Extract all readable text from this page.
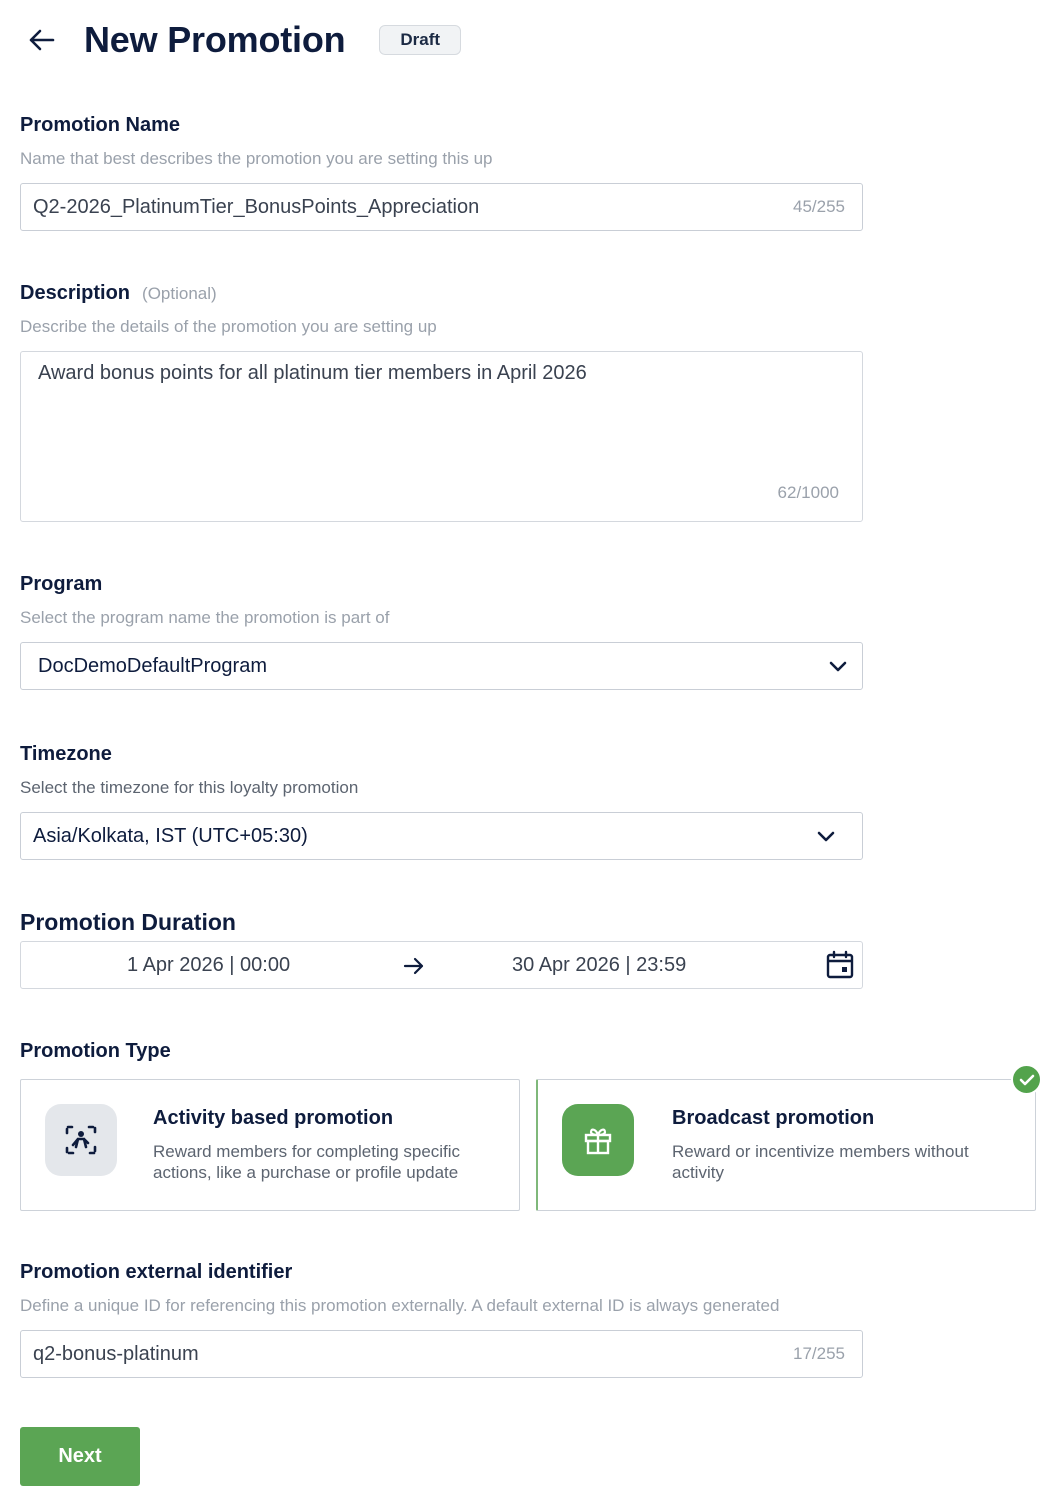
New Promotion	Draft
Promotion Name
Name that best describes the promotion you are setting this up
Q2-2026_PlatinumTier_BonusPoints_Appreciation	45/255
Description (Optional)
Describe the details of the promotion you are setting up
Award bonus points for all platinum tier members in April 2026
62/1000
Program
Select the program name the promotion is part of
DocDemoDefaultProgram
Timezone
Select the timezone for this loyalty promotion
Asia/Kolkata, IST (UTC+05:30)
Promotion Duration
1 Apr 2026 | 00:00	30 Apr 2026 | 23:59
Promotion Type
Activity based promotion
Reward members for completing specific actions, like a purchase or profile update
Broadcast promotion
Reward or incentivize members without activity
Promotion external identifier
Define a unique ID for referencing this promotion externally. A default external ID is always generated
q2-bonus-platinum	17/255
Next
